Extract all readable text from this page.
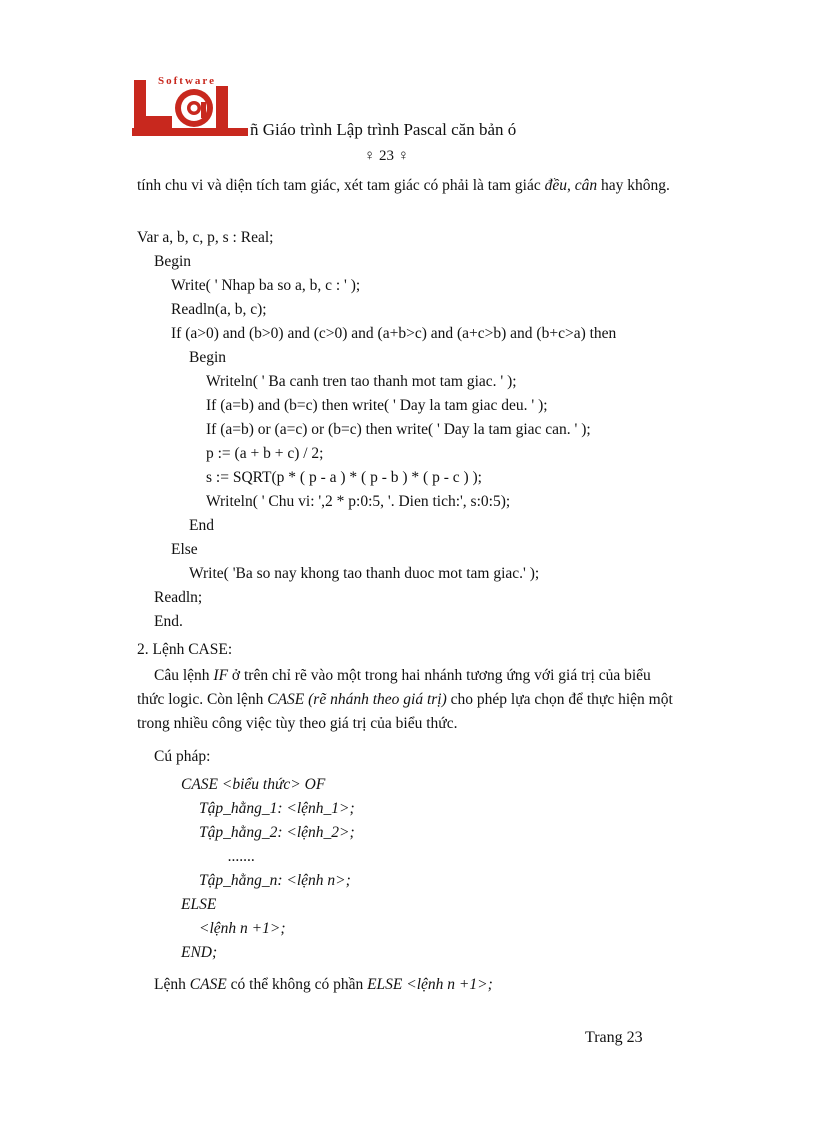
Software
ñ Giáo trình Lập trình Pascal căn bản ó
♀ 23 ♀
tính chu vi và diện tích tam giác, xét tam giác có phải là tam giác đều, cân hay không.
Var a, b, c, p, s : Real;
Begin
Write( ' Nhap ba so a, b, c : ' );
Readln(a, b, c);
If (a>0) and (b>0) and (c>0) and (a+b>c) and (a+c>b) and (b+c>a) then
Begin
Writeln( ' Ba canh tren tao thanh mot tam giac. ' );
If (a=b) and (b=c) then write( ' Day la tam giac deu. ' );
If (a=b) or (a=c) or (b=c) then write( ' Day la tam giac can. ' );
p := (a + b + c) / 2;
s := SQRT(p * ( p - a ) * ( p - b ) * ( p - c ) );
Writeln( ' Chu vi: ',2 * p:0:5, '. Dien tich:', s:0:5);
End
Else
Write( 'Ba so nay khong tao thanh duoc mot tam giac.' );
Readln;
End.
2. Lệnh CASE:
Câu lệnh IF ở trên chỉ rẽ vào một trong hai nhánh tương ứng với giá trị của biểu thức logic. Còn lệnh CASE (rẽ nhánh theo giá trị) cho phép lựa chọn để thực hiện một trong nhiều công việc tùy theo giá trị của biểu thức.
Cú pháp:
CASE <biểu thức> OF
Tập_hằng_1: <lệnh_1>;
Tập_hằng_2: <lệnh_2>;
.......
Tập_hằng_n: <lệnh n>;
ELSE
<lệnh n +1>;
END;
Lệnh CASE có thể không có phần ELSE <lệnh n +1>;
Trang 23
